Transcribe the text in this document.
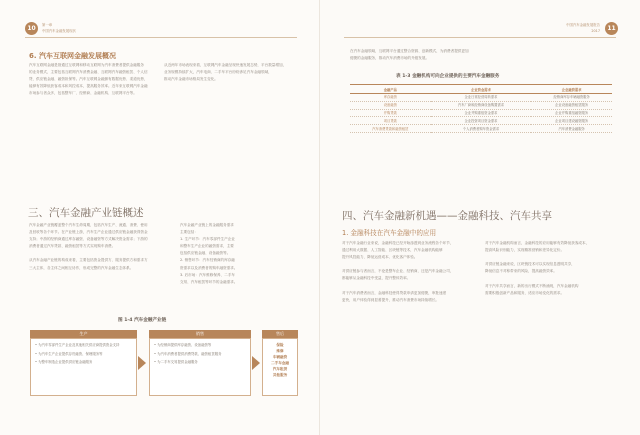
10	第一章
中国汽车金融发展现状
6. 汽车互联网金融发展概况
汽车互联网金融是指通过互联网和移动互联网为汽车消费者提供金融服务
的业务模式，主要包括互联网汽车消费金融、互联网汽车融资租赁、个人信
贷、供应链金融、融资担保等。汽车互联网金融拥有数据优势、渠道优势，
能够有效降低获客成本和风控成本，提高服务效率。近年来互联网汽车金融
市场参与者众多，包括整车厂、经销商、金融机构、互联网平台等。
从近两年市场表现来看，互联网汽车金融呈现快速发展态势，平台数量增加，
业务规模持续扩大，汽车电商、二手车平台纷纷涉足汽车金融领域，
推动汽车金融市场格局发生变化。
三、汽车金融产业链概述
汽车金融产业链覆盖整个汽车生命周期，包括汽车生产、流通、消费、使用
及回收等各个环节。在产业链上游，汽车生产企业通过供应链金融获得资金
支持；中游的经销商通过库存融资、设备融资等方式解决资金需求；下游的
消费者通过汽车贷款、融资租赁等方式实现购车消费。
从汽车金融产业链的构成来看，主要包括资金提供方、服务提供方和需求方
三大主体，各主体之间相互协作，形成完整的汽车金融生态体系。
汽车金融产业链上的金融服务需求
主要包括：
1. 生产环节：汽车零部件生产企业
和整车生产企业的融资需求，主要
包括供应链金融、设备融资等。
2. 销售环节：汽车经销商的库存融
资需求以及消费者的购车融资需求。
3. 后市场：汽车维修保养、二手车
交易、汽车租赁等环节的金融需求。
图 1-4 汽车金融产业链
生产
• 为汽车零部件生产企业及其他相关供应商提供资金支持
• 为汽车生产企业提供存货融资、保理服务等
• 为整车制造企业提供供应链金融服务
销售
• 为经销商提供库存融资、设备融资等
• 为汽车消费者提供消费贷款、融资租赁服务
• 为二手车交易提供金融服务
售后
保险
维修
车辆融资
二手车金融
汽车租赁
其他服务
中国汽车金融发展报告
2017	11
在汽车金融领域，互联网平台通过整合资源、创新模式，为消费者提供更加
便捷的金融服务，推动汽车消费市场的升级发展。
表 1-3 金融机构可向企业提供的主要汽车金融服务
金融产品	企业资金需求	企业融资需求
库存融资	企业日常经营周转需求	经销商库存车辆融资服务
设备融资	汽车厂商和经销商设备购置需求	企业设备融资租赁服务
并购贷款	企业并购重组资金需求	企业并购重组融资服务
项目贷款	企业投资项目资金需求	企业项目建设融资服务
汽车消费贷款和融资租赁	个人消费者购车资金需求	汽车消费金融服务
四、汽车金融新机遇——金融科技、汽车共享
1. 金融科技在汽车金融中的应用
对于汽车金融行业来说，金融科技已经开始渗透到业务流程各个环节，
通过利用大数据、人工智能、区块链等技术，汽车金融机构能够
提升风控能力、降低运营成本、优化客户体验。
对供应链参与者而言，不论是整车企业、经销商，还是汽车金融公司，
都能够从金融科技中受益，提升整体效率。
对于汽车消费者而言，金融科技使得贷款申请更加便捷，审批速度
更快，用户体验得到显著提升，推动汽车消费市场持续增长。
对于汽车金融机构而言，金融科技的应用能够有效降低获客成本，
提高风险识别能力，实现精准营销和差异化定价。
对供应链金融来说，区块链技术可以实现信息透明共享，
降低信息不对称带来的风险，提高融资效率。
对于汽车共享而言，新的出行模式不断涌现，汽车金融机构
需要积极创新产品和服务，适应市场变化的需求。
